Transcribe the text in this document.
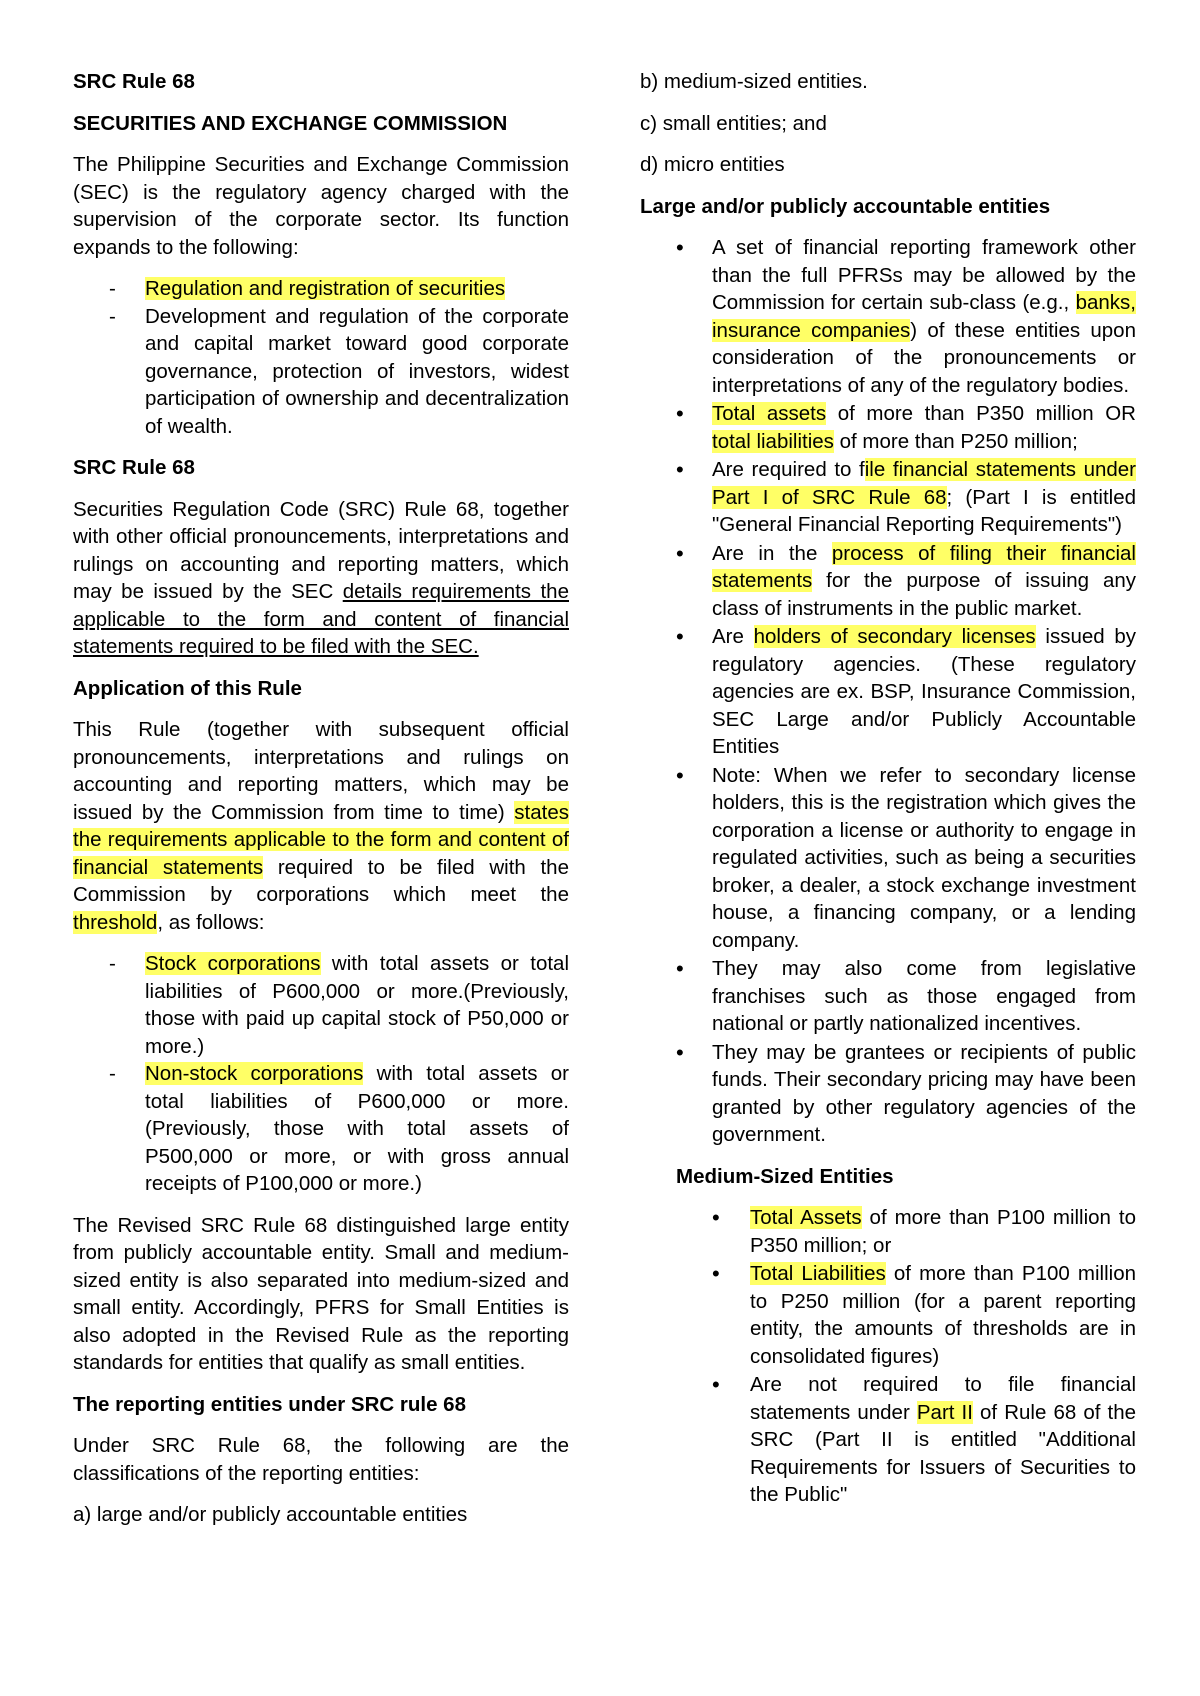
SRC Rule 68

SECURITIES AND EXCHANGE COMMISSION

The Philippine Securities and Exchange Commission (SEC) is the regulatory agency charged with the supervision of the corporate sector. Its function expands to the following:

- Regulation and registration of securities
- Development and regulation of the corporate and capital market toward good corporate governance, protection of investors, widest participation of ownership and decentralization of wealth.

SRC Rule 68

Securities Regulation Code (SRC) Rule 68, together with other official pronouncements, interpretations and rulings on accounting and reporting matters, which may be issued by the SEC details requirements the applicable to the form and content of financial statements required to be filed with the SEC.

Application of this Rule

This Rule (together with subsequent official pronouncements, interpretations and rulings on accounting and reporting matters, which may be issued by the Commission from time to time) states the requirements applicable to the form and content of financial statements required to be filed with the Commission by corporations which meet the threshold, as follows:

- Stock corporations with total assets or total liabilities of P600,000 or more.(Previously, those with paid up capital stock of P50,000 or more.)
- Non-stock corporations with total assets or total liabilities of P600,000 or more. (Previously, those with total assets of P500,000 or more, or with gross annual receipts of P100,000 or more.)

The Revised SRC Rule 68 distinguished large entity from publicly accountable entity. Small and medium-sized entity is also separated into medium-sized and small entity. Accordingly, PFRS for Small Entities is also adopted in the Revised Rule as the reporting standards for entities that qualify as small entities.

The reporting entities under SRC rule 68

Under SRC Rule 68, the following are the classifications of the reporting entities:

a) large and/or publicly accountable entities

b) medium-sized entities.

c) small entities; and

d) micro entities

Large and/or publicly accountable entities

• A set of financial reporting framework other than the full PFRSs may be allowed by the Commission for certain sub-class (e.g., banks, insurance companies) of these entities upon consideration of the pronouncements or interpretations of any of the regulatory bodies.
• Total assets of more than P350 million OR total liabilities of more than P250 million;
• Are required to file financial statements under Part I of SRC Rule 68; (Part I is entitled "General Financial Reporting Requirements")
• Are in the process of filing their financial statements for the purpose of issuing any class of instruments in the public market.
• Are holders of secondary licenses issued by regulatory agencies. (These regulatory agencies are ex. BSP, Insurance Commission, SEC Large and/or Publicly Accountable Entities
• Note: When we refer to secondary license holders, this is the registration which gives the corporation a license or authority to engage in regulated activities, such as being a securities broker, a dealer, a stock exchange investment house, a financing company, or a lending company.
• They may also come from legislative franchises such as those engaged from national or partly nationalized incentives.
• They may be grantees or recipients of public funds. Their secondary pricing may have been granted by other regulatory agencies of the government.

Medium-Sized Entities

• Total Assets of more than P100 million to P350 million; or
• Total Liabilities of more than P100 million to P250 million (for a parent reporting entity, the amounts of thresholds are in consolidated figures)
• Are not required to file financial statements under Part II of Rule 68 of the SRC (Part II is entitled "Additional Requirements for Issuers of Securities to the Public"
